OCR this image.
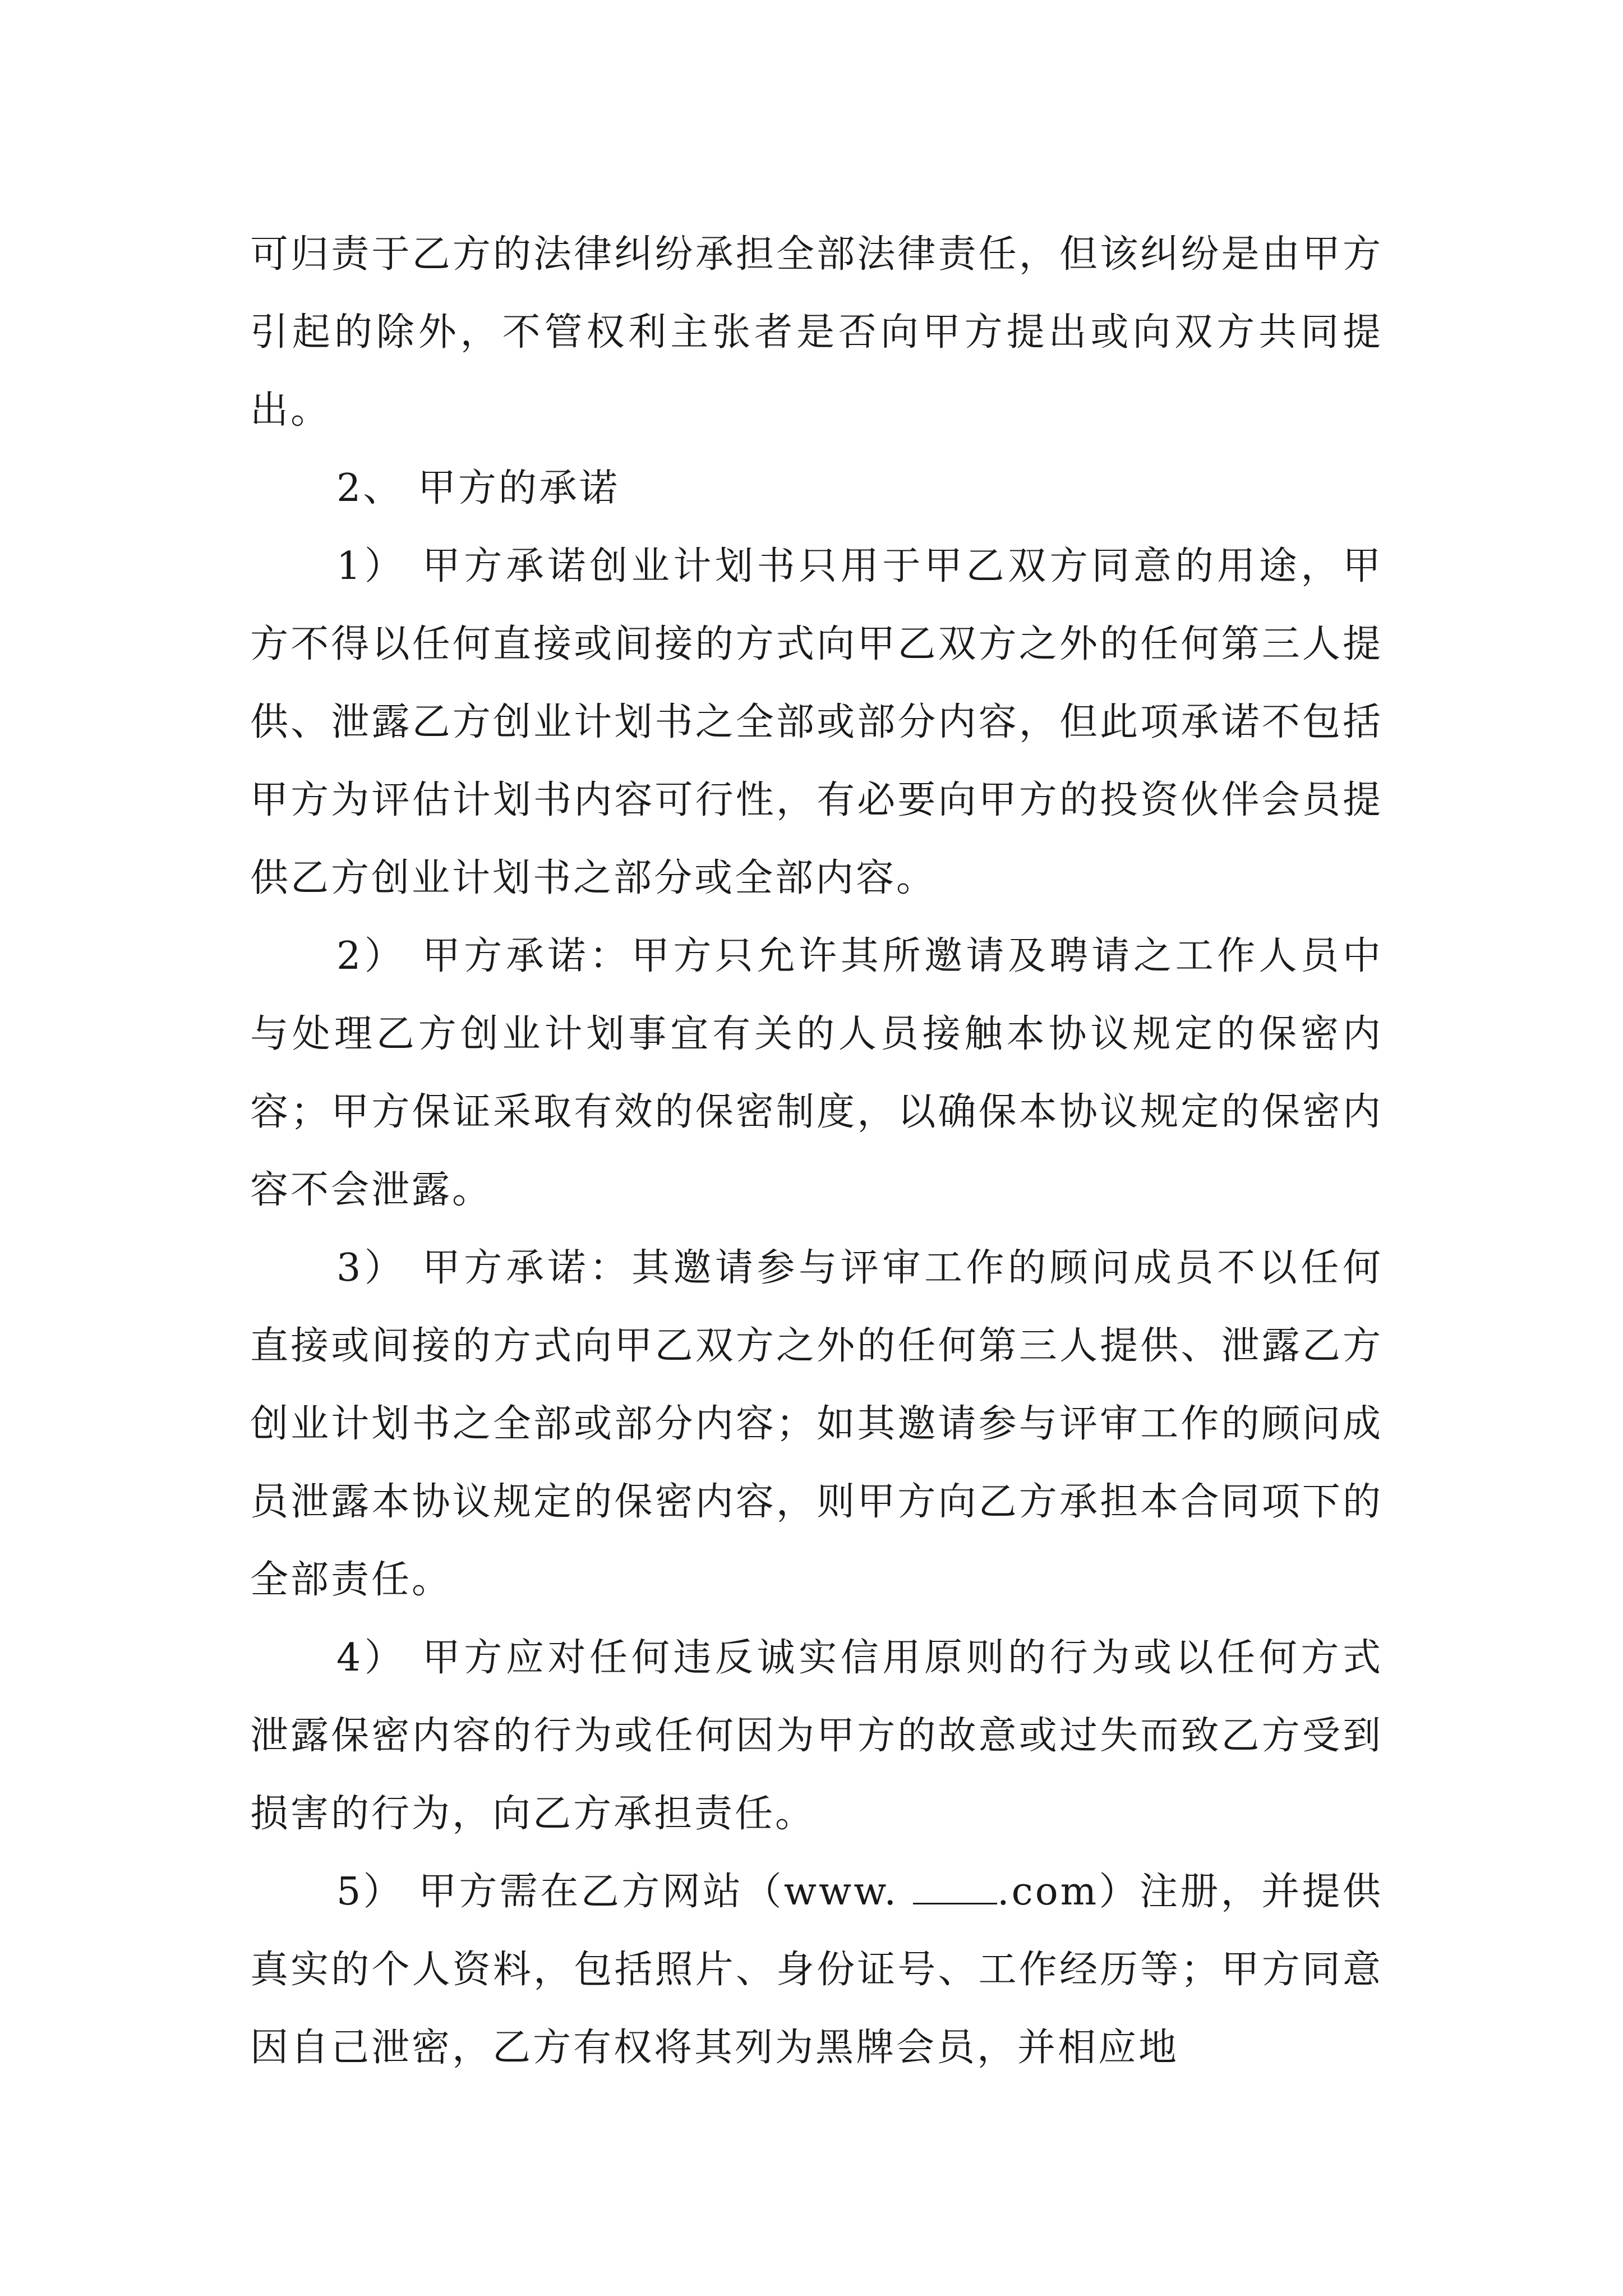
可归责于乙方的法律纠纷承担全部法律责任，但该纠纷是由甲方引起的除外，不管权利主张者是否向甲方提出或向双方共同提出。

2、 甲方的承诺

1） 甲方承诺创业计划书只用于甲乙双方同意的用途，甲方不得以任何直接或间接的方式向甲乙双方之外的任何第三人提供、泄露乙方创业计划书之全部或部分内容，但此项承诺不包括甲方为评估计划书内容可行性，有必要向甲方的投资伙伴会员提供乙方创业计划书之部分或全部内容。

2） 甲方承诺：甲方只允许其所邀请及聘请之工作人员中与处理乙方创业计划事宜有关的人员接触本协议规定的保密内容；甲方保证采取有效的保密制度，以确保本协议规定的保密内容不会泄露。

3） 甲方承诺：其邀请参与评审工作的顾问成员不以任何直接或间接的方式向甲乙双方之外的任何第三人提供、泄露乙方创业计划书之全部或部分内容；如其邀请参与评审工作的顾问成员泄露本协议规定的保密内容，则甲方向乙方承担本合同项下的全部责任。

4） 甲方应对任何违反诚实信用原则的行为或以任何方式泄露保密内容的行为或任何因为甲方的故意或过失而致乙方受到损害的行为，向乙方承担责任。

5） 甲方需在乙方网站（www. .com）注册，并提供真实的个人资料，包括照片、身份证号、工作经历等；甲方同意因自己泄密，乙方有权将其列为黑牌会员，并相应地
